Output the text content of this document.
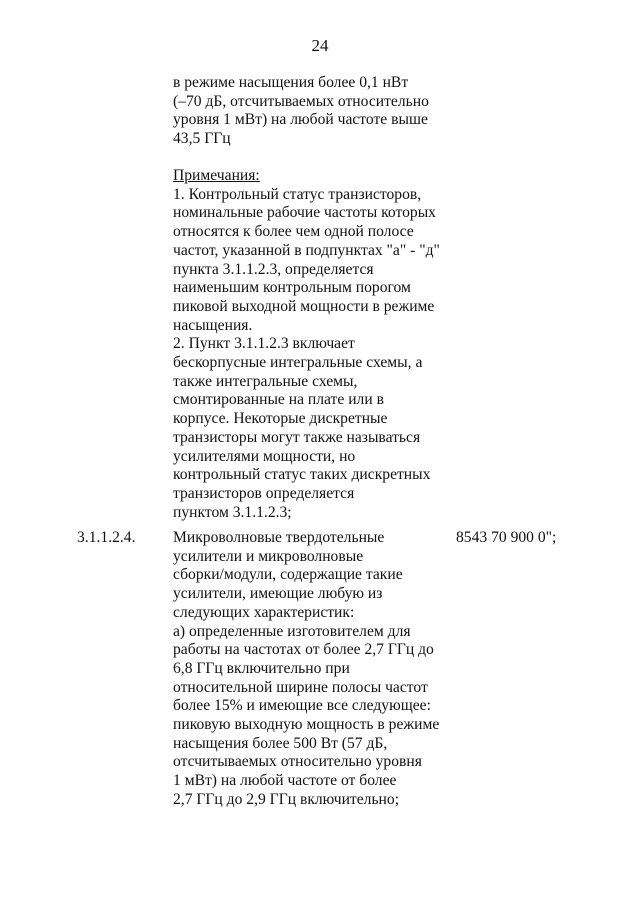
24
в режиме насыщения более 0,1 нВт
(–70 дБ, отсчитываемых относительно
уровня 1 мВт) на любой частоте выше
43,5 ГГц
Примечания:
1. Контрольный статус транзисторов,
номинальные рабочие частоты которых
относятся к более чем одной полосе
частот, указанной в подпунктах "а" - "д"
пункта 3.1.1.2.3, определяется
наименьшим контрольным порогом
пиковой выходной мощности в режиме
насыщения.
2. Пункт 3.1.1.2.3 включает
бескорпусные интегральные схемы, а
также интегральные схемы,
смонтированные на плате или в
корпусе. Некоторые дискретные
транзисторы могут также называться
усилителями мощности, но
контрольный статус таких дискретных
транзисторов определяется
пунктом 3.1.1.2.3;
3.1.1.2.4. Микроволновые твердотельные
усилители и микроволновые
сборки/модули, содержащие такие
усилители, имеющие любую из
следующих характеристик:
а) определенные изготовителем для
работы на частотах от более 2,7 ГГц до
6,8 ГГц включительно при
относительной ширине полосы частот
более 15% и имеющие все следующее:
пиковую выходную мощность в режиме
насыщения более 500 Вт (57 дБ,
отсчитываемых относительно уровня
1 мВт) на любой частоте от более
2,7 ГГц до 2,9 ГГц включительно;
8543 70 900 0";
